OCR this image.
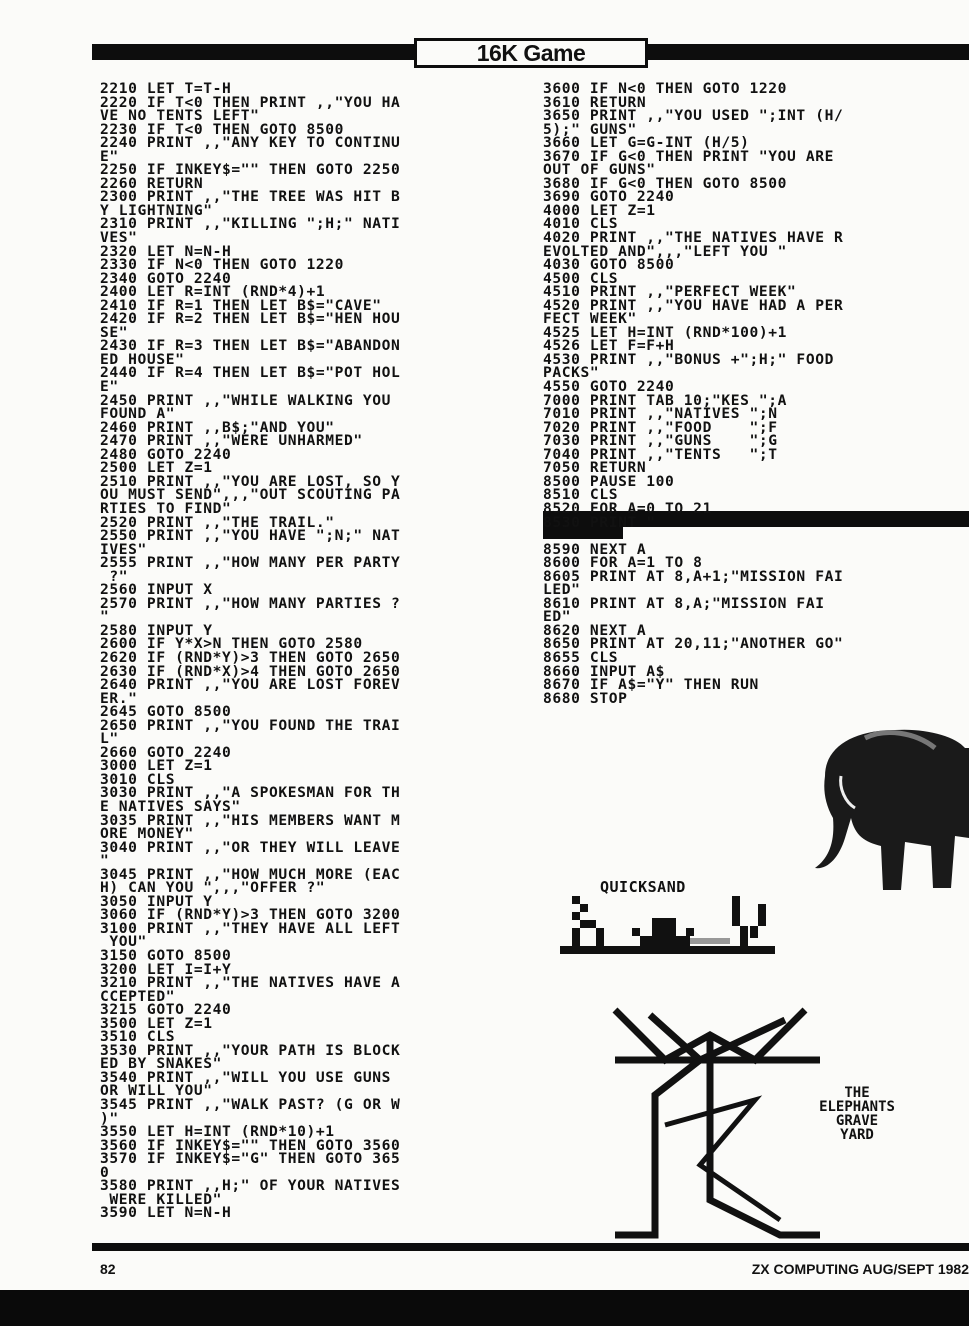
16K Game
2210 LET T=T-H
2220 IF T<0 THEN PRINT ,,"YOU HA
VE NO TENTS LEFT"
2230 IF T<0 THEN GOTO 8500
2240 PRINT ,,"ANY KEY TO CONTINU
E"
2250 IF INKEY$="" THEN GOTO 2250
2260 RETURN
2300 PRINT ,,"THE TREE WAS HIT B
Y LIGHTNING"
2310 PRINT ,,"KILLING ";H;" NATI
VES"
2320 LET N=N-H
2330 IF N<0 THEN GOTO 1220
2340 GOTO 2240
2400 LET R=INT (RND*4)+1
2410 IF R=1 THEN LET B$="CAVE"
2420 IF R=2 THEN LET B$="HEN HOU
SE"
2430 IF R=3 THEN LET B$="ABANDON
ED HOUSE"
2440 IF R=4 THEN LET B$="POT HOL
E"
2450 PRINT ,,"WHILE WALKING YOU
FOUND A"
2460 PRINT ,,B$;"AND YOU"
2470 PRINT ,,"WERE UNHARMED"
2480 GOTO 2240
2500 LET Z=1
2510 PRINT ,,"YOU ARE LOST, SO Y
OU MUST SEND",,,"OUT SCOUTING PA
RTIES TO FIND"
2520 PRINT ,,"THE TRAIL."
2550 PRINT ,,"YOU HAVE ";N;" NAT
IVES"
2555 PRINT ,,"HOW MANY PER PARTY
?"
2560 INPUT X
2570 PRINT ,,"HOW MANY PARTIES ?
"
2580 INPUT Y
2600 IF Y*X>N THEN GOTO 2580
2620 IF (RND*Y)>3 THEN GOTO 2650
2630 IF (RND*X)>4 THEN GOTO 2650
2640 PRINT ,,"YOU ARE LOST FOREV
ER."
2645 GOTO 8500
2650 PRINT ,,"YOU FOUND THE TRAI
L"
2660 GOTO 2240
3000 LET Z=1
3010 CLS
3030 PRINT ,,"A SPOKESMAN FOR TH
E NATIVES SAYS"
3035 PRINT ,,"HIS MEMBERS WANT M
ORE MONEY"
3040 PRINT ,,"OR THEY WILL LEAVE
"
3045 PRINT ,,"HOW MUCH MORE (EAC
H) CAN YOU ",,,"OFFER ?"
3050 INPUT Y
3060 IF (RND*Y)>3 THEN GOTO 3200
3100 PRINT ,,"THEY HAVE ALL LEFT
YOU"
3150 GOTO 8500
3200 LET I=I+Y
3210 PRINT ,,"THE NATIVES HAVE A
CCEPTED"
3215 GOTO 2240
3500 LET Z=1
3510 CLS
3530 PRINT ,,"YOUR PATH IS BLOCK
ED BY SNAKES"
3540 PRINT ,,"WILL YOU USE GUNS
OR WILL YOU"
3545 PRINT ,,"WALK PAST? (G OR W
)"
3550 LET H=INT (RND*10)+1
3560 IF INKEY$="" THEN GOTO 3560
3570 IF INKEY$="G" THEN GOTO 365
0
3580 PRINT ,,H;" OF YOUR NATIVES
WERE KILLED"
3590 LET N=N-H
3600 IF N<0 THEN GOTO 1220
3610 RETURN
3650 PRINT ,,"YOU USED ";INT (H/
5);" GUNS"
3660 LET G=G-INT (H/5)
3670 IF G<0 THEN PRINT "YOU ARE
OUT OF GUNS"
3680 IF G<0 THEN GOTO 8500
3690 GOTO 2240
4000 LET Z=1
4010 CLS
4020 PRINT ,,"THE NATIVES HAVE R
EVOLTED AND",,,"LEFT YOU "
4030 GOTO 8500
4500 CLS
4510 PRINT ,,"PERFECT WEEK"
4520 PRINT ,,"YOU HAVE HAD A PER
FECT WEEK"
4525 LET H=INT (RND*100)+1
4526 LET F=F+H
4530 PRINT ,,"BONUS +";H;" FOOD
PACKS"
4550 GOTO 2240
7000 PRINT TAB 10;"KES ";A
7010 PRINT ,,"NATIVES ";N
7020 PRINT ,,"FOOD    ";F
7030 PRINT ,,"GUNS    ";G
7040 PRINT ,,"TENTS   ";T
7050 RETURN
8500 PAUSE 100
8510 CLS
8520 FOR A=0 TO 21
8530 PRINT "

8590 NEXT A
8600 FOR A=1 TO 8
8605 PRINT AT 8,A+1;"MISSION FAI
LED"
8610 PRINT AT 8,A;"MISSION FAI
ED"
8620 NEXT A
8650 PRINT AT 20,11;"ANOTHER GO"
8655 CLS
8660 INPUT A$
8670 IF A$="Y" THEN RUN
8680 STOP
QUICKSAND
THE
ELEPHANTS
GRAVE
YARD
82	ZX COMPUTING AUG/SEPT 1982
